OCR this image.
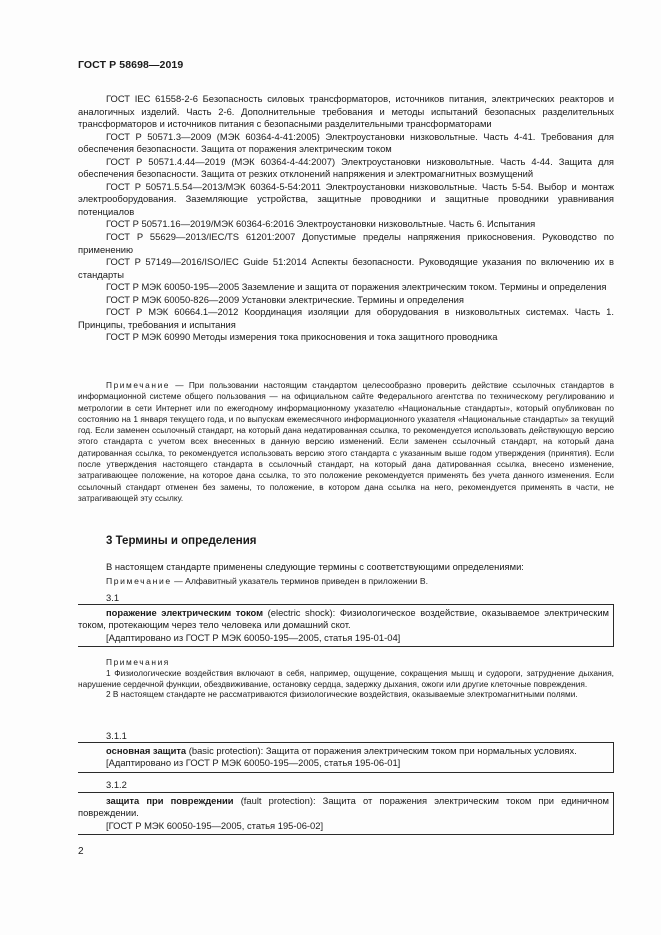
ГОСТ Р 58698—2019

ГОСТ IEC 61558-2-6 Безопасность силовых трансформаторов, источников питания, электрических реакторов и аналогичных изделий. Часть 2-6. Дополнительные требования и методы испытаний безопасных разделительных трансформаторов и источников питания с безопасными разделительными трансформаторами

ГОСТ Р 50571.3—2009 (МЭК 60364-4-41:2005) Электроустановки низковольтные. Часть 4-41. Требования для обеспечения безопасности. Защита от поражения электрическим током

ГОСТ Р 50571.4.44—2019 (МЭК 60364-4-44:2007) Электроустановки низковольтные. Часть 4-44. Защита для обеспечения безопасности. Защита от резких отклонений напряжения и электромагнитных возмущений

ГОСТ Р 50571.5.54—2013/МЭК 60364-5-54:2011 Электроустановки низковольтные. Часть 5-54. Выбор и монтаж электрооборудования. Заземляющие устройства, защитные проводники и защитные проводники уравнивания потенциалов

ГОСТ Р 50571.16—2019/МЭК 60364-6:2016 Электроустановки низковольтные. Часть 6. Испытания

ГОСТ Р 55629—2013/IEC/TS 61201:2007 Допустимые пределы напряжения прикосновения. Руководство по применению

ГОСТ Р 57149—2016/ISO/IEC Guide 51:2014 Аспекты безопасности. Руководящие указания по включению их в стандарты

ГОСТ Р МЭК 60050-195—2005 Заземление и защита от поражения электрическим током. Термины и определения

ГОСТ Р МЭК 60050-826—2009 Установки электрические. Термины и определения

ГОСТ Р МЭК 60664.1—2012 Координация изоляции для оборудования в низковольтных системах. Часть 1. Принципы, требования и испытания

ГОСТ Р МЭК 60990 Методы измерения тока прикосновения и тока защитного проводника

Примечание — При пользовании настоящим стандартом целесообразно проверить действие ссылочных стандартов в информационной системе общего пользования — на официальном сайте Федерального агентства по техническому регулированию и метрологии в сети Интернет или по ежегодному информационному указателю «Национальные стандарты», который опубликован по состоянию на 1 января текущего года, и по выпускам ежемесячного информационного указателя «Национальные стандарты» за текущий год. Если заменен ссылочный стандарт, на который дана недатированная ссылка, то рекомендуется использовать действующую версию этого стандарта с учетом всех внесенных в данную версию изменений. Если заменен ссылочный стандарт, на который дана датированная ссылка, то рекомендуется использовать версию этого стандарта с указанным выше годом утверждения (принятия). Если после утверждения настоящего стандарта в ссылочный стандарт, на который дана датированная ссылка, внесено изменение, затрагивающее положение, на которое дана ссылка, то это положение рекомендуется применять без учета данного изменения. Если ссылочный стандарт отменен без замены, то положение, в котором дана ссылка на него, рекомендуется применять в части, не затрагивающей эту ссылку.

3 Термины и определения

В настоящем стандарте применены следующие термины с соответствующими определениями:

Примечание — Алфавитный указатель терминов приведен в приложении В.

3.1

поражение электрическим током (electric shock): Физиологическое воздействие, оказываемое электрическим током, протекающим через тело человека или домашний скот.

[Адаптировано из ГОСТ Р МЭК 60050-195—2005, статья 195-01-04]

Примечания

1 Физиологические воздействия включают в себя, например, ощущение, сокращения мышц и судороги, затруднение дыхания, нарушение сердечной функции, обездвиживание, остановку сердца, задержку дыхания, ожоги или другие клеточные повреждения.

2 В настоящем стандарте не рассматриваются физиологические воздействия, оказываемые электромагнитными полями.

3.1.1

основная защита (basic protection): Защита от поражения электрическим током при нормальных условиях.

[Адаптировано из ГОСТ Р МЭК 60050-195—2005, статья 195-06-01]

3.1.2

защита при повреждении (fault protection): Защита от поражения электрическим током при единичном повреждении.

[ГОСТ Р МЭК 60050-195—2005, статья 195-06-02]

2
